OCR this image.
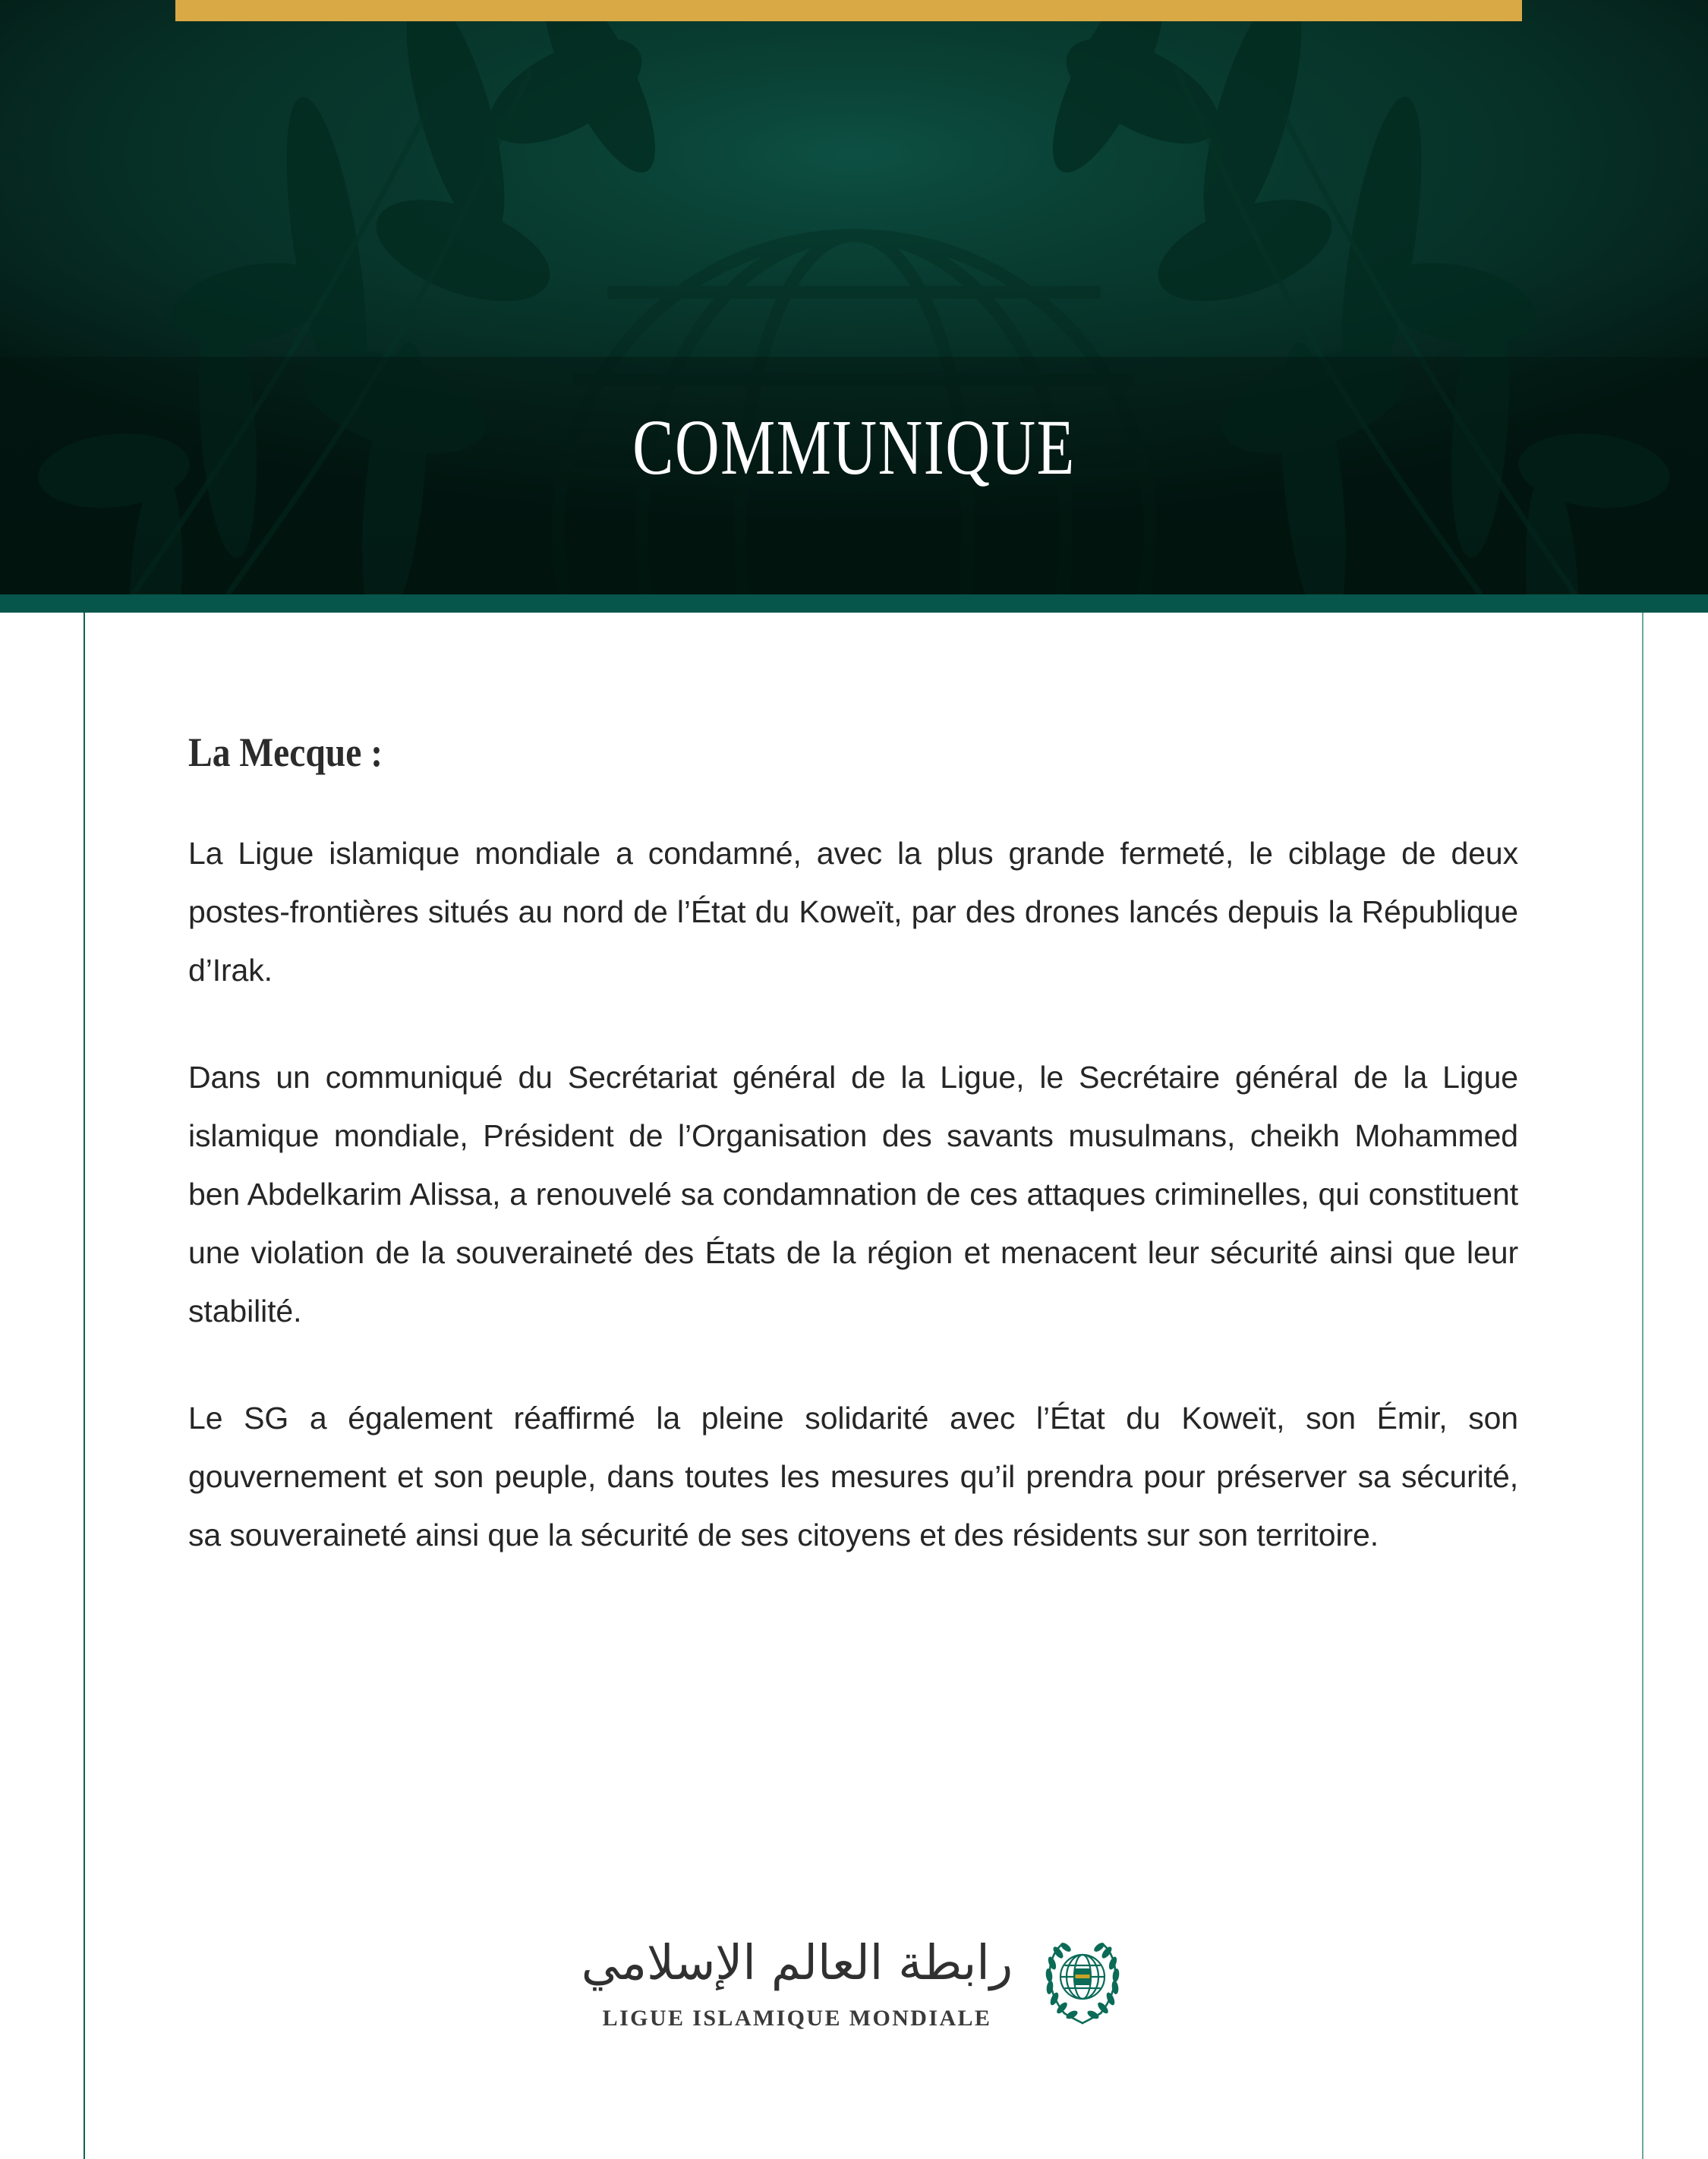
COMMUNIQUE
La Mecque :

La Ligue islamique mondiale a condamné, avec la plus grande fermeté, le ciblage de deux postes-frontières situés au nord de l’État du Koweït, par des drones lancés depuis la République d’Irak.

Dans un communiqué du Secrétariat général de la Ligue, le Secrétaire général de la Ligue islamique mondiale, Président de l’Organisation des savants musulmans, cheikh Mohammed ben Abdelkarim Alissa, a renouvelé sa condamnation de ces attaques criminelles, qui constituent une violation de la souveraineté des États de la région et menacent leur sécurité ainsi que leur stabilité.

Le SG a également réaffirmé la pleine solidarité avec l’État du Koweït, son Émir, son gouvernement et son peuple, dans toutes les mesures qu’il prendra pour préserver sa sécurité, sa souveraineté ainsi que la sécurité de ses citoyens et des résidents sur son territoire.

رابطة العالم الإسلامي
LIGUE ISLAMIQUE MONDIALE
